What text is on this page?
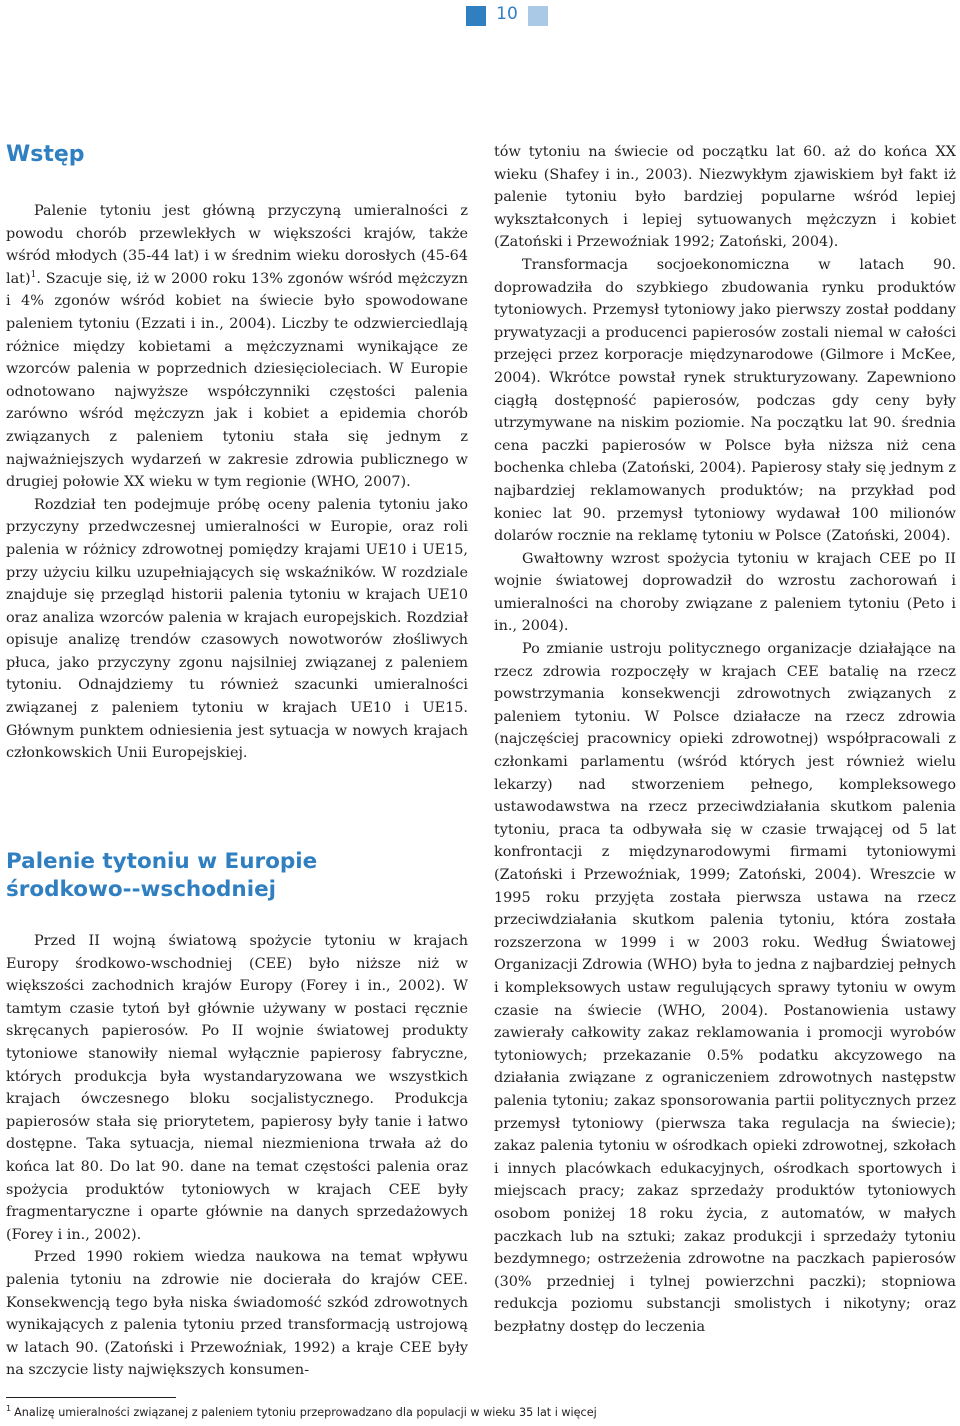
10
Wstęp

Palenie tytoniu jest główną przyczyną umieralności z powodu chorób przewlekłych w większości krajów, także wśród młodych (35-44 lat) i w średnim wieku dorosłych (45-64 lat)$^1$. Szacuje się, iż w 2000 roku 13% zgonów wśród mężczyzn i 4% zgonów wśród kobiet na świecie było spowodowane paleniem tytoniu (Ezzati i in., 2004). Liczby te odzwierciedlają różnice między kobietami a mężczyznami wynikające ze wzorców palenia w poprzednich dziesięcioleciach. W Europie odnotowano najwyższe współczynniki częstości palenia zarówno wśród mężczyzn jak i kobiet a epidemia chorób związanych z paleniem tytoniu stała się jednym z najważniejszych wydarzeń w zakresie zdrowia publicznego w drugiej połowie XX wieku w tym regionie (WHO, 2007).

Rozdział ten podejmuje próbę oceny palenia tytoniu jako przyczyny przedwczesnej umieralności w Europie, oraz roli palenia w różnicy zdrowotnej pomiędzy krajami UE10 i UE15, przy użyciu kilku uzupełniających się wskaźników. W rozdziale znajduje się przegląd historii palenia tytoniu w krajach UE10 oraz analiza wzorców palenia w krajach europejskich. Rozdział opisuje analizę trendów czasowych nowotworów złośliwych płuca, jako przyczyny zgonu najsilniej związanej z paleniem tytoniu. Odnajdziemy tu również szacunki umieralności związanej z paleniem tytoniu w krajach UE10 i UE15. Głównym punktem odniesienia jest sytuacja w nowych krajach członkowskich Unii Europejskiej.

Palenie tytoniu w Europie środkowo--wschodniej

Przed II wojną światową spożycie tytoniu w krajach Europy środkowo-wschodniej (CEE) było niższe niż w większości zachodnich krajów Europy (Forey i in., 2002). W tamtym czasie tytoń był głównie używany w postaci ręcznie skręcanych papierosów. Po II wojnie światowej produkty tytoniowe stanowiły niemal wyłącznie papierosy fabryczne, których produkcja była wystandaryzowana we wszystkich krajach ówczesnego bloku socjalistycznego. Produkcja papierosów stała się priorytetem, papierosy były tanie i łatwo dostępne. Taka sytuacja, niemal niezmieniona trwała aż do końca lat 80. Do lat 90. dane na temat częstości palenia oraz spożycia produktów tytoniowych w krajach CEE były fragmentaryczne i oparte głównie na danych sprzedażowych (Forey i in., 2002).

Przed 1990 rokiem wiedza naukowa na temat wpływu palenia tytoniu na zdrowie nie docierała do krajów CEE. Konsekwencją tego była niska świadomość szkód zdrowotnych wynikających z palenia tytoniu przed transformacją ustrojową w latach 90. (Zatoński i Przewoźniak, 1992) a kraje CEE były na szczycie listy największych konsumen-

tów tytoniu na świecie od początku lat 60. aż do końca XX wieku (Shafey i in., 2003). Niezwykłym zjawiskiem był fakt iż palenie tytoniu było bardziej popularne wśród lepiej wykształconych i lepiej sytuowanych mężczyzn i kobiet (Zatoński i Przewoźniak 1992; Zatoński, 2004).

Transformacja socjoekonomiczna w latach 90. doprowadziła do szybkiego zbudowania rynku produktów tytoniowych. Przemysł tytoniowy jako pierwszy został poddany prywatyzacji a producenci papierosów zostali niemal w całości przejęci przez korporacje międzynarodowe (Gilmore i McKee, 2004). Wkrótce powstał rynek strukturyzowany. Zapewniono ciągłą dostępność papierosów, podczas gdy ceny były utrzymywane na niskim poziomie. Na początku lat 90. średnia cena paczki papierosów w Polsce była niższa niż cena bochenka chleba (Zatoński, 2004). Papierosy stały się jednym z najbardziej reklamowanych produktów; na przykład pod koniec lat 90. przemysł tytoniowy wydawał 100 milionów dolarów rocznie na reklamę tytoniu w Polsce (Zatoński, 2004).

Gwałtowny wzrost spożycia tytoniu w krajach CEE po II wojnie światowej doprowadził do wzrostu zachorowań i umieralności na choroby związane z paleniem tytoniu (Peto i in., 2004).

Po zmianie ustroju politycznego organizacje działające na rzecz zdrowia rozpoczęły w krajach CEE batalię na rzecz powstrzymania konsekwencji zdrowotnych związanych z paleniem tytoniu. W Polsce działacze na rzecz zdrowia (najczęściej pracownicy opieki zdrowotnej) współpracowali z członkami parlamentu (wśród których jest również wielu lekarzy) nad stworzeniem pełnego, kompleksowego ustawodawstwa na rzecz przeciwdziałania skutkom palenia tytoniu, praca ta odbywała się w czasie trwającej od 5 lat konfrontacji z międzynarodowymi firmami tytoniowymi (Zatoński i Przewoźniak, 1999; Zatoński, 2004). Wreszcie w 1995 roku przyjęta została pierwsza ustawa na rzecz przeciwdziałania skutkom palenia tytoniu, która została rozszerzona w 1999 i w 2003 roku. Według Światowej Organizacji Zdrowia (WHO) była to jedna z najbardziej pełnych i kompleksowych ustaw regulujących sprawy tytoniu w owym czasie na świecie (WHO, 2004). Postanowienia ustawy zawierały całkowity zakaz reklamowania i promocji wyrobów tytoniowych; przekazanie 0.5% podatku akcyzowego na działania związane z ograniczeniem zdrowotnych następstw palenia tytoniu; zakaz sponsorowania partii politycznych przez przemysł tytoniowy (pierwsza taka regulacja na świecie); zakaz palenia tytoniu w ośrodkach opieki zdrowotnej, szkołach i innych placówkach edukacyjnych, ośrodkach sportowych i miejscach pracy; zakaz sprzedaży produktów tytoniowych osobom poniżej 18 roku życia, z automatów, w małych paczkach lub na sztuki; zakaz produkcji i sprzedaży tytoniu bezdymnego; ostrzeżenia zdrowotne na paczkach papierosów (30% przedniej i tylnej powierzchni paczki); stopniowa redukcja poziomu substancji smolistych i nikotyny; oraz bezpłatny dostęp do leczenia

$^1$ Analizę umieralności związanej z paleniem tytoniu przeprowadzano dla populacji w wieku 35 lat i więcej
